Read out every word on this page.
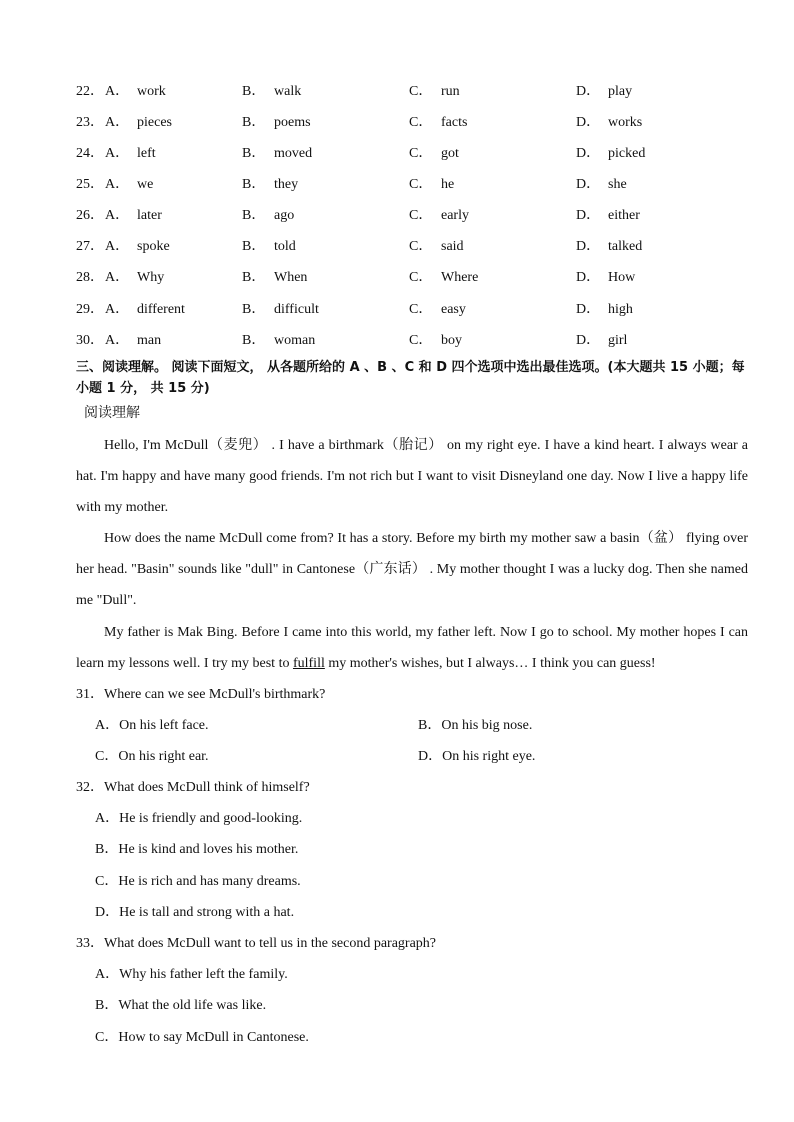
22． A． work	B． walk	C． run	D． play
23． A． pieces	B． poems	C． facts	D． works
24． A． left	B． moved	C． got	D． picked
25． A． we	B． they	C． he	D． she
26． A． later	B． ago	C． early	D． either
27． A． spoke	B． told	C． said	D． talked
28． A． Why	B． When	C． Where	D． How
29． A． different	B． difficult	C． easy	D． high
30． A． man	B． woman	C． boy	D． girl
三、阅读理解。 阅读下面短文， 从各题所给的 A 、B 、C 和 D 四个选项中选出最佳选项。(本大题共 15 小题；每小题 1 分， 共 15 分)
阅读理解

Hello, I'm McDull（麦兜） . I have a birthmark（胎记） on my right eye. I have a kind heart. I always wear a hat. I'm happy and have many good friends. I'm not rich but I want to visit Disneyland one day. Now I live a happy life with my mother.

How does the name McDull come from? It has a story. Before my birth my mother saw a basin（盆） flying over her head. "Basin" sounds like "dull" in Cantonese（广东话） . My mother thought I was a lucky dog. Then she named me "Dull".

My father is Mak Bing. Before I came into this world, my father left. Now I go to school. My mother hopes I can learn my lessons well. I try my best to fulfill my mother's wishes, but I always… I think you can guess!

31．Where can we see McDull's birthmark?
A．On his left face.	B．On his big nose.
C．On his right ear.	D．On his right eye.
32．What does McDull think of himself?
A．He is friendly and good-looking.
B．He is kind and loves his mother.
C．He is rich and has many dreams.
D．He is tall and strong with a hat.
33．What does McDull want to tell us in the second paragraph?
A．Why his father left the family.
B．What the old life was like.
C．How to say McDull in Cantonese.
